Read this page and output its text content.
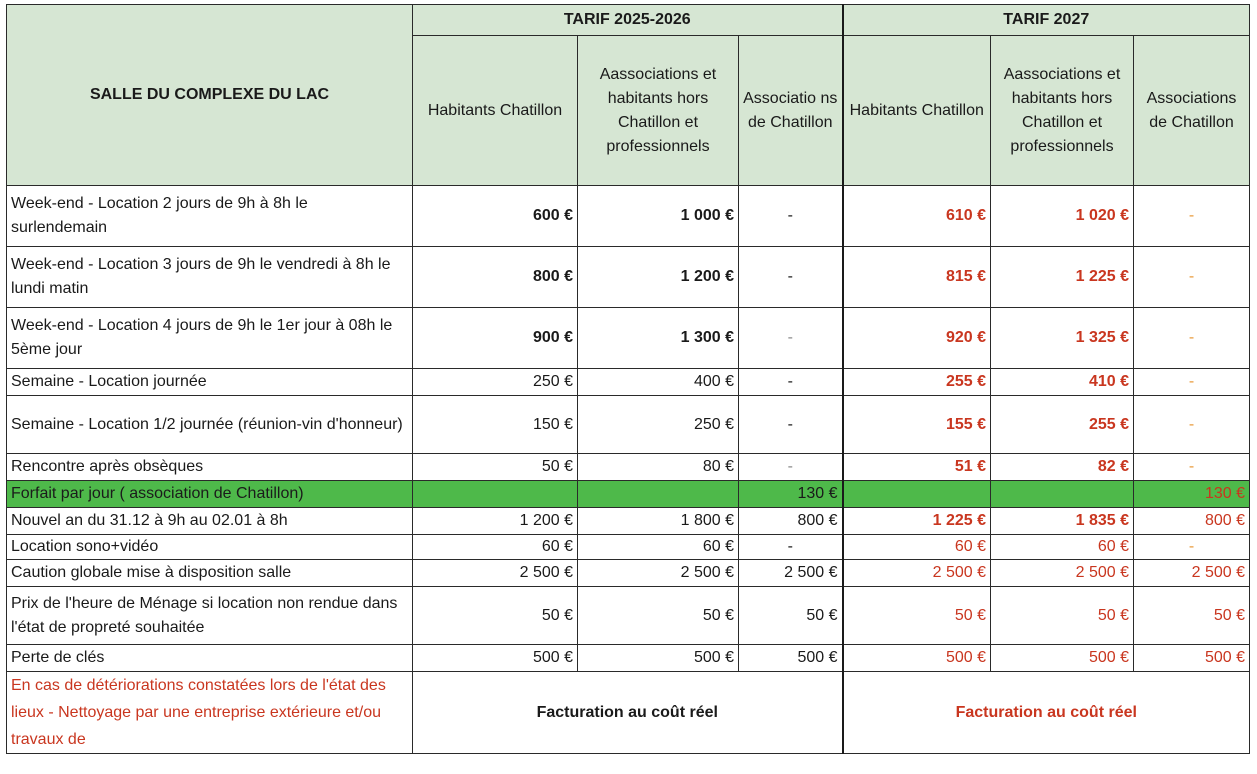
SALLE DU COMPLEXE DU LAC	TARIF 2025-2026			TARIF 2027		
	Habitants Chatillon	Aassociations et habitants hors Chatillon et professionnels	Associatio ns de Chatillon	Habitants Chatillon	Aassociations et habitants hors Chatillon et professionnels	Associations de Chatillon
Week-end - Location 2 jours de 9h à 8h le surlendemain	600 €	1 000 €	-	610 €	1 020 €	-
Week-end - Location 3 jours de 9h le vendredi à 8h le lundi matin	800 €	1 200 €	-	815 €	1 225 €	-
Week-end - Location 4 jours de 9h le 1er jour à 08h le 5ème jour	900 €	1 300 €	-	920 €	1 325 €	-
Semaine - Location journée	250 €	400 €	-	255 €	410 €	-
Semaine - Location 1/2 journée (réunion-vin d'honneur)	150 €	250 €	-	155 €	255 €	-
Rencontre après obsèques	50 €	80 €	-	51 €	82 €	-
Forfait par jour ( association de Chatillon)			130 €			130 €
Nouvel an du 31.12 à 9h au 02.01 à 8h	1 200 €	1 800 €	800 €	1 225 €	1 835 €	800 €
Location sono+vidéo	60 €	60 €	-	60 €	60 €	-
Caution globale mise à disposition salle	2 500 €	2 500 €	2 500 €	2 500 €	2 500 €	2 500 €
Prix de l'heure de Ménage si location non rendue dans l'état de propreté souhaitée	50 €	50 €	50 €	50 €	50 €	50 €
Perte de clés	500 €	500 €	500 €	500 €	500 €	500 €
En cas de détériorations constatées lors de l'état des lieux - Nettoyage par une entreprise extérieure et/ou travaux de	Facturation au coût réel			Facturation au coût réel		
